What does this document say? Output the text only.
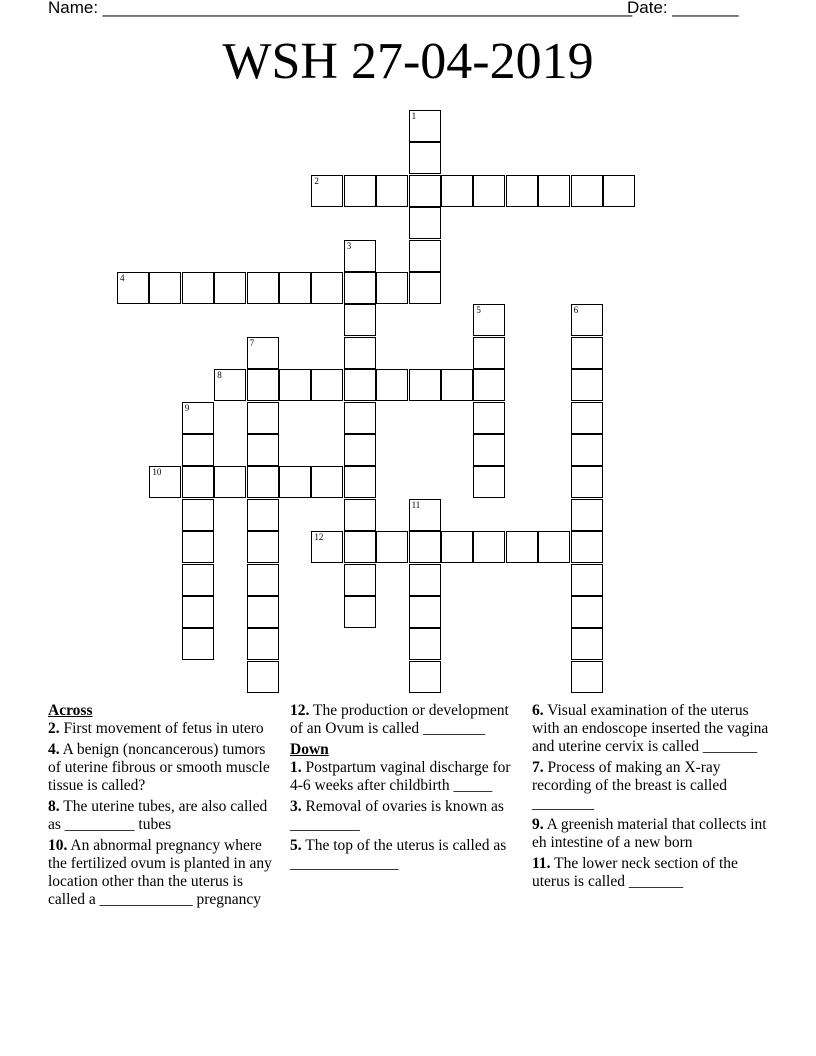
Name: ________________________________________________________
Date: _______
WSH 27-04-2019
1
2
3
4
5	6
7
8
9
10
11
12
Across
2. First movement of fetus in utero
4. A benign (noncancerous) tumors of uterine fibrous or smooth muscle tissue is called?
8. The uterine tubes, are also called as _________ tubes
10. An abnormal pregnancy where the fertilized ovum is planted in any location other than the uterus is called a ____________ pregnancy
12. The production or development of an Ovum is called ________
Down
1. Postpartum vaginal discharge for 4-6 weeks after childbirth _____
3. Removal of ovaries is known as _________
5. The top of the uterus is called as ______________
6. Visual examination of the uterus with an endoscope inserted the vagina and uterine cervix is called _______
7. Process of making an X-ray recording of the breast is called ________
9. A greenish material that collects int eh intestine of a new born
11. The lower neck section of the uterus is called _______
